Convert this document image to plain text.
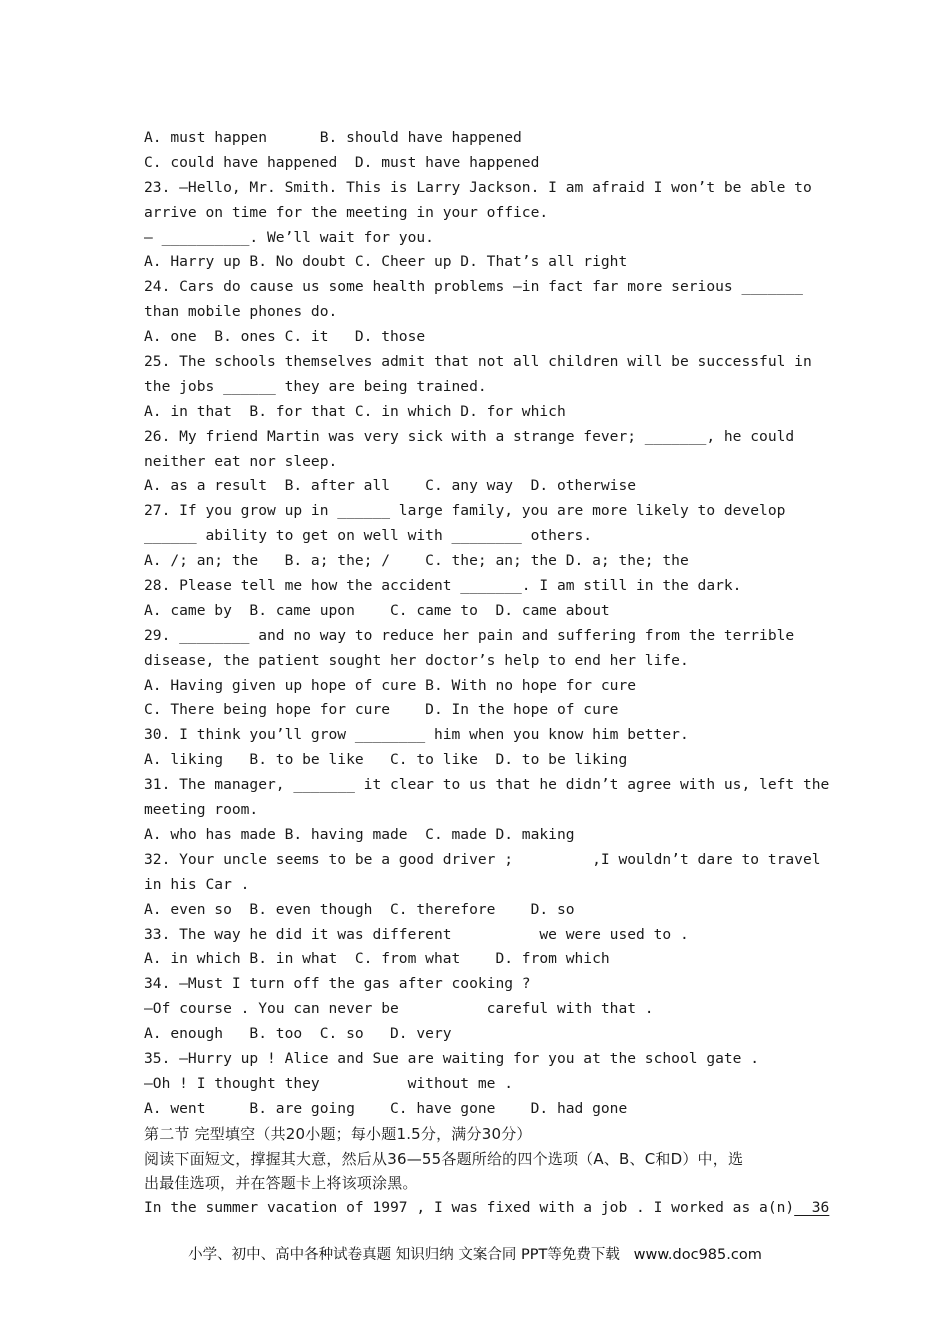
A. must happen      B. should have happened
C. could have happened  D. must have happened
23. —Hello, Mr. Smith. This is Larry Jackson. I am afraid I won’t be able to
arrive on time for the meeting in your office.
— __________. We’ll wait for you.
A. Harry up B. No doubt C. Cheer up D. That’s all right
24. Cars do cause us some health problems —in fact far more serious _______
than mobile phones do.
A. one  B. ones C. it   D. those
25. The schools themselves admit that not all children will be successful in
the jobs ______ they are being trained.
A. in that  B. for that C. in which D. for which
26. My friend Martin was very sick with a strange fever; _______, he could
neither eat nor sleep.
A. as a result  B. after all    C. any way  D. otherwise
27. If you grow up in ______ large family, you are more likely to develop
______ ability to get on well with ________ others.
A. /; an; the   B. a; the; /    C. the; an; the D. a; the; the
28. Please tell me how the accident _______. I am still in the dark.
A. came by  B. came upon    C. came to  D. came about
29. ________ and no way to reduce her pain and suffering from the terrible
disease, the patient sought her doctor’s help to end her life.
A. Having given up hope of cure B. With no hope for cure
C. There being hope for cure    D. In the hope of cure
30. I think you’ll grow ________ him when you know him better.
A. liking   B. to be like   C. to like  D. to be liking
31. The manager, _______ it clear to us that he didn’t agree with us, left the
meeting room.
A. who has made B. having made  C. made D. making
32. Your uncle seems to be a good driver ;         ,I wouldn’t dare to travel
in his Car .
A. even so  B. even though  C. therefore    D. so
33. The way he did it was different          we were used to .
A. in which B. in what  C. from what    D. from which
34. —Must I turn off the gas after cooking ?
—Of course . You can never be          careful with that .
A. enough   B. too  C. so   D. very
35. —Hurry up ! Alice and Sue are waiting for you at the school gate .
—Oh ! I thought they          without me .
A. went     B. are going    C. have gone    D. had gone
第二节 完型填空（共20小题；每小题1.5分，满分30分）
阅读下面短文，撑握其大意，然后从36—55各题所给的四个选项（A、B、C和D）中，选
出最佳选项，并在答题卡上将该项涂黑。
In the summer vacation of 1997 , I was fixed with a job . I worked as a(n)  36
小学、初中、高中各种试卷真题 知识归纳 文案合同 PPT等免费下载   www.doc985.com
